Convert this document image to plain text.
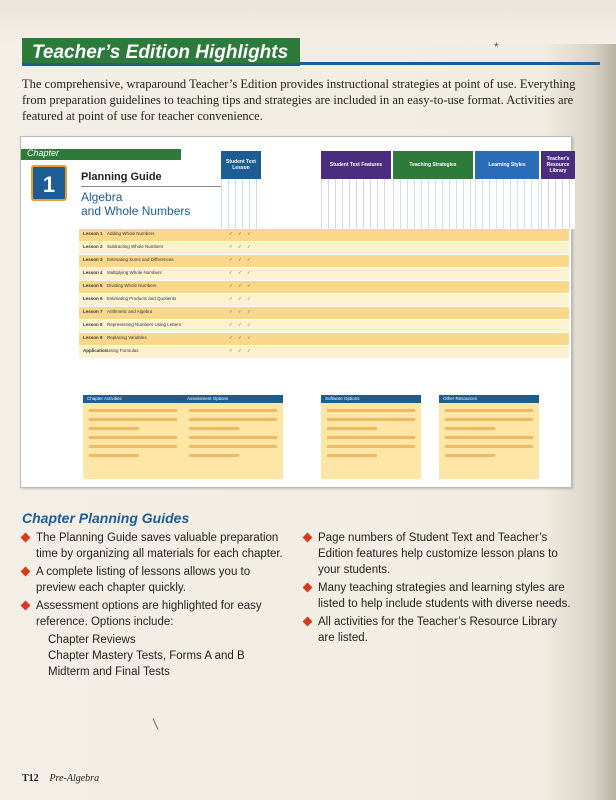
Teacher’s Edition Highlights	*

The comprehensive, wraparound Teacher’s Edition provides instructional strategies at point of use. Everything from preparation guidelines to teaching tips and strategies are included in an easy-to-use format. Activities are featured at point of use for teacher convenience.

Chapter
1	Planning Guide
Algebra
and Whole Numbers
Student Text Lesson	Student Text Features	Teaching Strategies	Learning Styles
Teacher's Resource Library
Lesson 1 Adding Whole Numbers	✓ ✓ ✓
Lesson 2 Subtracting Whole Numbers	✓ ✓ ✓
Lesson 3 Estimating Sums and Differences	✓ ✓ ✓
Lesson 4 Multiplying Whole Numbers	✓ ✓ ✓
Lesson 5 Dividing Whole Numbers	✓ ✓ ✓
Lesson 6 Estimating Products and Quotients	✓ ✓ ✓
Lesson 7 Arithmetic and Algebra	✓ ✓ ✓
Lesson 8 Representing Numbers Using Letters	✓ ✓ ✓
Lesson 9 Replacing Variables	✓ ✓ ✓
Application Using Formulas	✓ ✓ ✓
Chapter Activities	Assessment Options	Software Options	Other Resources
Chapter Planning Guides
The Planning Guide saves valuable preparation time by organizing all materials for each chapter.
A complete listing of lessons allows you to preview each chapter quickly.
Assessment options are highlighted for easy reference. Options include:
Chapter Reviews
Chapter Mastery Tests, Forms A and B
Midterm and Final Tests
Page numbers of Student Text and Teacher’s Edition features help customize lesson plans to your students.
Many teaching strategies and learning styles are listed to help include students with diverse needs.
All activities for the Teacher’s Resource Library are listed.
T12 Pre-Algebra
